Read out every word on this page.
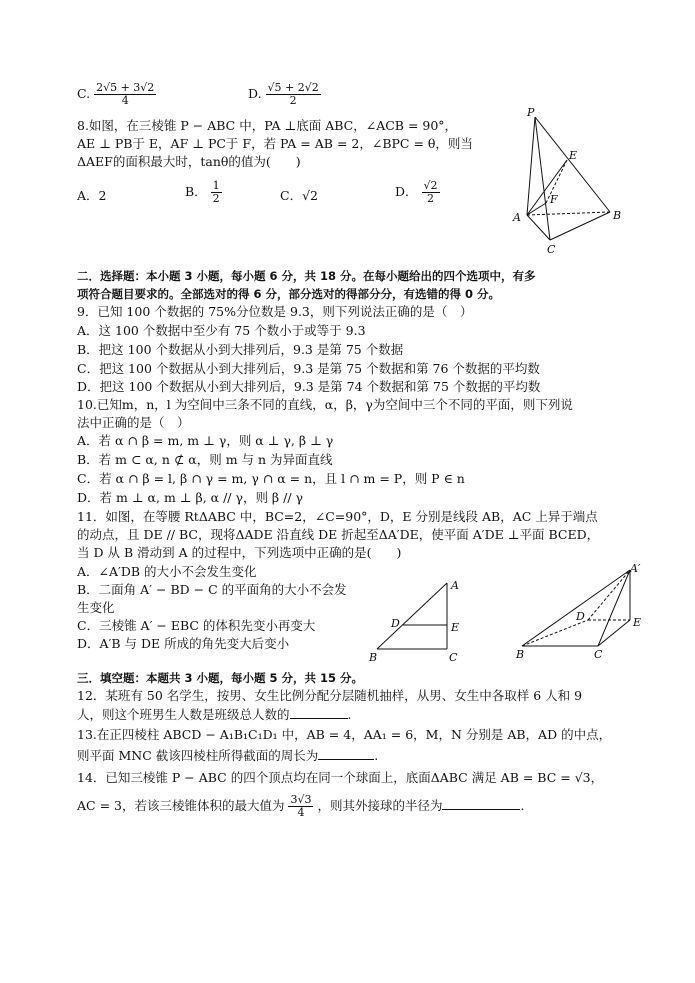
C. $\frac{2√5 + 3√2}{4}$	D. $\frac{√5 + 2√2}{2}$
8.如图，在三棱锥 P − ABC 中，PA ⊥底面 ABC，∠ACB = 90°，
AE ⊥ PB于 E，AF ⊥ PC于 F，若 PA = AB = 2，∠BPC = θ，则当
ΔAEF的面积最大时，tanθ的值为(　　)
A．2	B． $\frac{1}{2}$	C．√2	D． $\frac{√2}{2}$
P
E
F
A	B
C
二．选择题：本小题 3 小题，每小题 6 分，共 18 分。在每小题给出的四个选项中，有多
项符合题目要求的。全部选对的得 6 分，部分选对的得部分分，有选错的得 0 分。
9．已知 100 个数据的 75%分位数是 9.3，则下列说法正确的是（　）
A．这 100 个数据中至少有 75 个数小于或等于 9.3
B．把这 100 个数据从小到大排列后，9.3 是第 75 个数据
C．把这 100 个数据从小到大排列后，9.3 是第 75 个数据和第 76 个数据的平均数
D．把这 100 个数据从小到大排列后，9.3 是第 74 个数据和第 75 个数据的平均数
10.已知m，n，l 为空间中三条不同的直线，α，β，γ为空间中三个不同的平面，则下列说
法中正确的是（　）
A．若 α ∩ β = m, m ⊥ γ，则 α ⊥ γ, β ⊥ γ
B．若 m ⊂ α, n ⊄ α，则 m 与 n 为异面直线
C．若 α ∩ β = l, β ∩ γ = m, γ ∩ α = n，且 l ∩ m = P，则 P ∈ n
D．若 m ⊥ α, m ⊥ β, α // γ，则 β // γ
11．如图，在等腰 RtΔABC 中，BC=2，∠C=90°，D，E 分别是线段 AB，AC 上异于端点
的动点，且 DE // BC，现将ΔADE 沿直线 DE 折起至ΔA′DE，使平面 A′DE ⊥平面 BCED，
当 D 从 B 滑动到 A 的过程中，下列选项中正确的是(　　)
A．∠A′DB 的大小不会发生变化
B．二面角 A′ − BD − C 的平面角的大小不会发
生变化
C．三棱锥 A′ − EBC 的体积先变小再变大
D．A′B 与 DE 所成的角先变大后变小
A
D	E
B	C
A′
D	E
B	C
三．填空题：本题共 3 小题，每小题 5 分，共 15 分。
12．某班有 50 名学生，按男、女生比例分配分层随机抽样，从男、女生中各取样 6 人和 9
人，则这个班男生人数是班级总人数的	.
13.在正四棱柱 ABCD − A₁B₁C₁D₁ 中，AB = 4，AA₁ = 6，M，N 分别是 AB，AD 的中点，
则平面 MNC 截该四棱柱所得截面的周长为	.
14．已知三棱锥 P − ABC 的四个顶点均在同一个球面上，底面ΔABC 满足 AB = BC = √3，
AC = 3，若该三棱锥体积的最大值为 $\frac{3√3}{4}$ ，则其外接球的半径为	.
